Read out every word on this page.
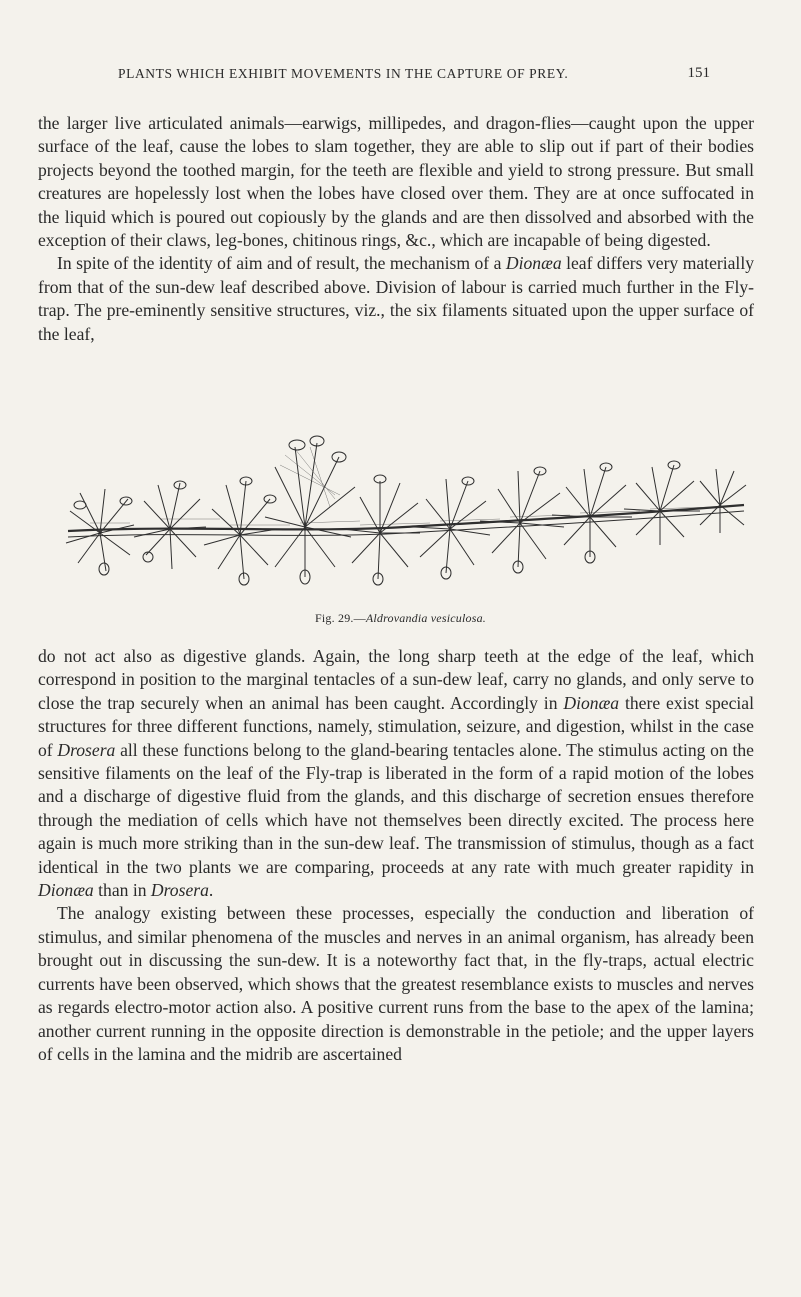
PLANTS WHICH EXHIBIT MOVEMENTS IN THE CAPTURE OF PREY.	151

the larger live articulated animals—earwigs, millipedes, and dragon-flies—caught upon the upper surface of the leaf, cause the lobes to slam together, they are able to slip out if part of their bodies projects beyond the toothed margin, for the teeth are flexible and yield to strong pressure. But small creatures are hopelessly lost when the lobes have closed over them. They are at once suffocated in the liquid which is poured out copiously by the glands and are then dissolved and absorbed with the exception of their claws, leg-bones, chitinous rings, &c., which are incapable of being digested.

In spite of the identity of aim and of result, the mechanism of a Dionæa leaf differs very materially from that of the sun-dew leaf described above. Division of labour is carried much further in the Fly-trap. The pre-eminently sensitive structures, viz., the six filaments situated upon the upper surface of the leaf,

Fig. 29.—Aldrovandia vesiculosa.

do not act also as digestive glands. Again, the long sharp teeth at the edge of the leaf, which correspond in position to the marginal tentacles of a sun-dew leaf, carry no glands, and only serve to close the trap securely when an animal has been caught. Accordingly in Dionæa there exist special structures for three different functions, namely, stimulation, seizure, and digestion, whilst in the case of Drosera all these functions belong to the gland-bearing tentacles alone. The stimulus acting on the sensitive filaments on the leaf of the Fly-trap is liberated in the form of a rapid motion of the lobes and a discharge of digestive fluid from the glands, and this discharge of secretion ensues therefore through the mediation of cells which have not themselves been directly excited. The process here again is much more striking than in the sun-dew leaf. The transmission of stimulus, though as a fact identical in the two plants we are comparing, proceeds at any rate with much greater rapidity in Dionæa than in Drosera.

The analogy existing between these processes, especially the conduction and liberation of stimulus, and similar phenomena of the muscles and nerves in an animal organism, has already been brought out in discussing the sun-dew. It is a noteworthy fact that, in the fly-traps, actual electric currents have been observed, which shows that the greatest resemblance exists to muscles and nerves as regards electro-motor action also. A positive current runs from the base to the apex of the lamina; another current running in the opposite direction is demonstrable in the petiole; and the upper layers of cells in the lamina and the midrib are ascertained
